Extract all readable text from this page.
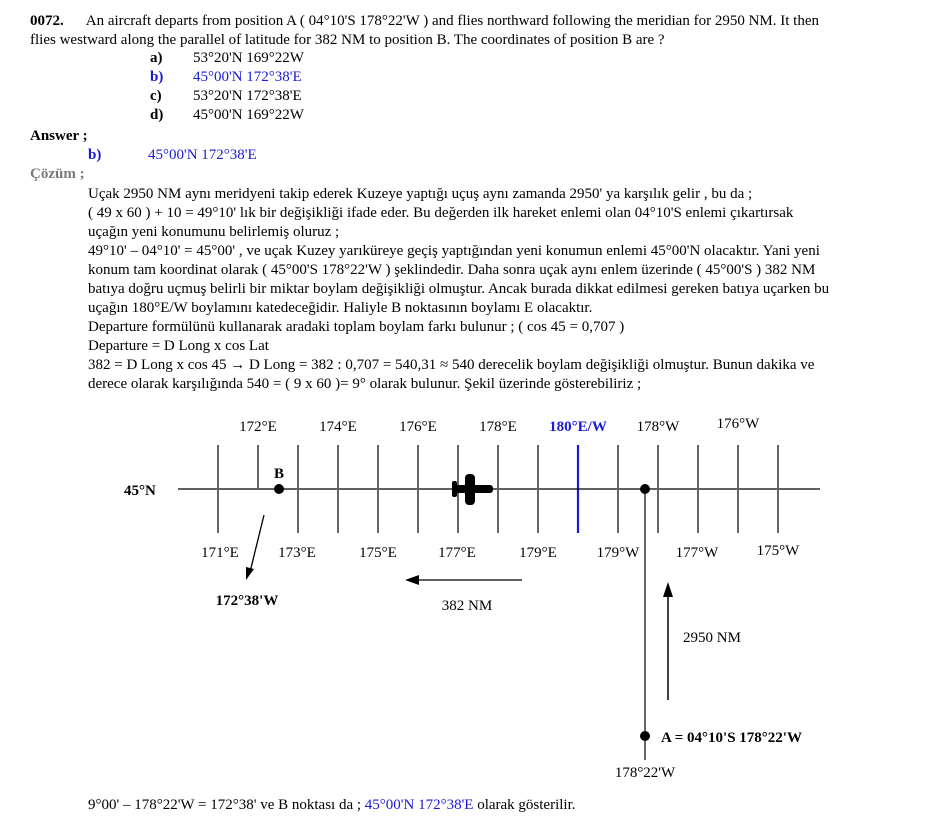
0072. An aircraft departs from position A ( 04°10'S 178°22'W ) and flies northward following the meridian for 2950 NM. It then
flies westward along the parallel of latitude for 382 NM to position B. The coordinates of position B are ?
a) 53°20'N 169°22W
b) 45°00'N 172°38'E
c) 53°20'N 172°38'E
d) 45°00'N 169°22W
Answer ;
b)	45°00'N 172°38'E
Çözüm ;

Uçak 2950 NM aynı meridyeni takip ederek Kuzeye yaptığı uçuş aynı zamanda 2950' ya karşılık gelir , bu da ;

( 49 x 60 ) + 10 = 49°10' lık bir değişikliği ifade eder. Bu değerden ilk hareket enlemi olan 04°10'S enlemi çıkartırsak

uçağın yeni konumunu belirlemiş oluruz ;

49°10' – 04°10' = 45°00' , ve uçak Kuzey yarıküreye geçiş yaptığından yeni konumun enlemi 45°00'N olacaktır. Yani yeni

konum tam koordinat olarak ( 45°00'S 178°22'W ) şeklindedir. Daha sonra uçak aynı enlem üzerinde ( 45°00'S ) 382 NM

batıya doğru uçmuş belirli bir miktar boylam değişikliği olmuştur. Ancak burada dikkat edilmesi gereken batıya uçarken bu

uçağın 180°E/W boylamını katedeceğidir. Haliyle B noktasının boylamı E olacaktır.

Departure formülünü kullanarak aradaki toplam boylam farkı bulunur ; ( cos 45 = 0,707 )

Departure = D Long x cos Lat

382 = D Long x cos 45 → D Long = 382 : 0,707 = 540,31 ≈ 540 derecelik boylam değişikliği olmuştur. Bunun dakika ve

derece olarak karşılığında 540 = ( 9 x 60 )= 9° olarak bulunur. Şekil üzerinde gösterebiliriz ;

172°E	174°E	176°E	178°E 180°E/W 178°W 176°W
45°N
B
171°E	173°E	175°E	177°E	179°E	179°W 177°W	175°W
382 NM
2950 NM
172°38'W
A = 04°10'S 178°22'W
178°22'W
9°00' – 178°22'W = 172°38' ve B noktası da ; 45°00'N 172°38'E olarak gösterilir.
